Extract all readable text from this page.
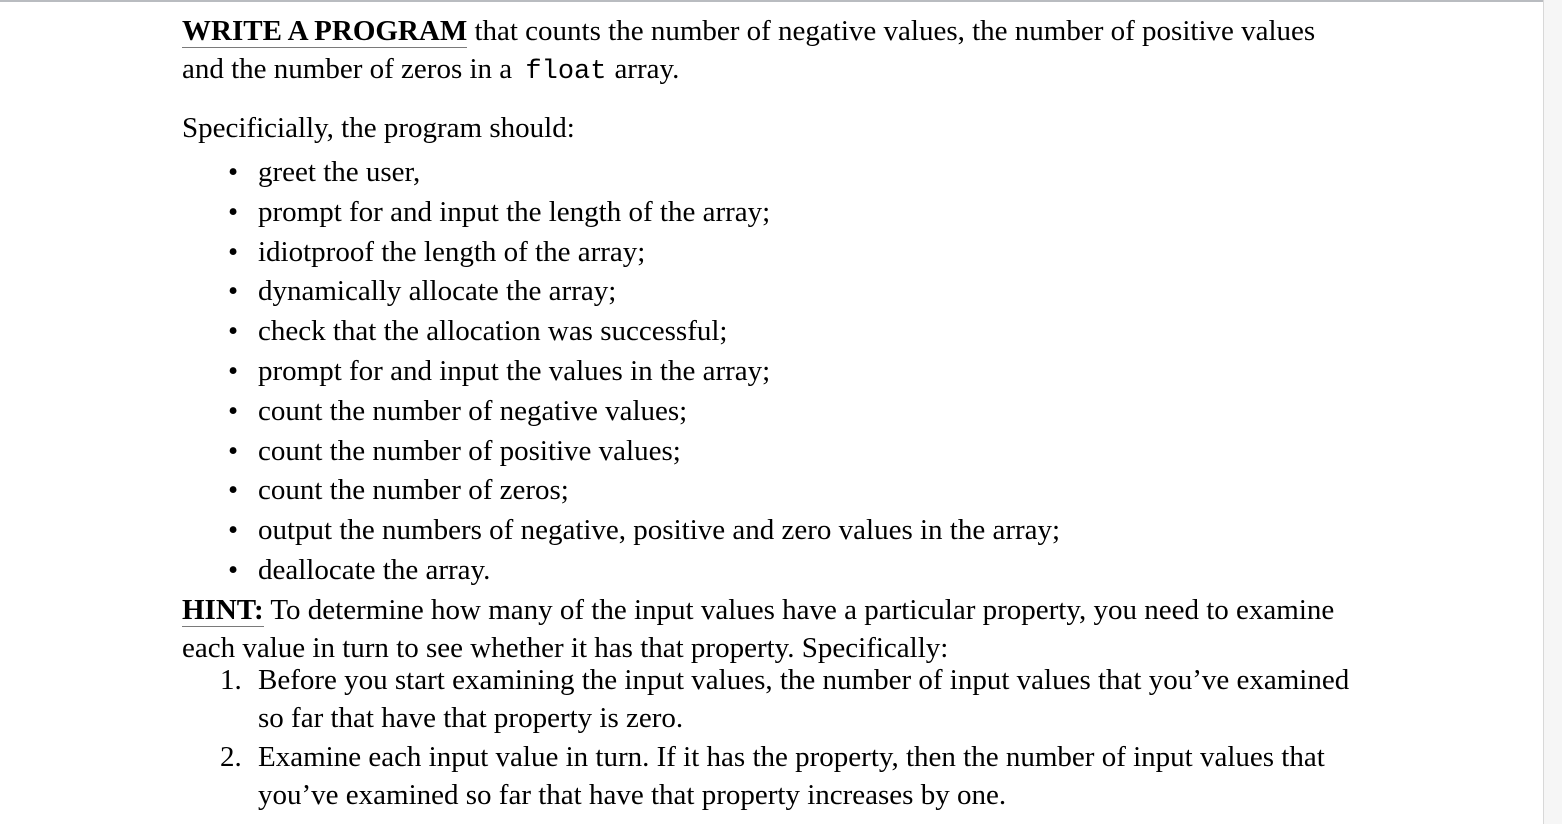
WRITE A PROGRAM that counts the number of negative values, the number of positive values
and the number of zeros in a float array.
Specificially, the program should:
• greet the user,
• prompt for and input the length of the array;
• idiotproof the length of the array;
• dynamically allocate the array;
• check that the allocation was successful;
• prompt for and input the values in the array;
• count the number of negative values;
• count the number of positive values;
• count the number of zeros;
• output the numbers of negative, positive and zero values in the array;
• deallocate the array.
HINT: To determine how many of the input values have a particular property, you need to examine
each value in turn to see whether it has that property. Specifically:
1. Before you start examining the input values, the number of input values that you’ve examined
so far that have that property is zero.
2. Examine each input value in turn. If it has the property, then the number of input values that
you’ve examined so far that have that property increases by one.
